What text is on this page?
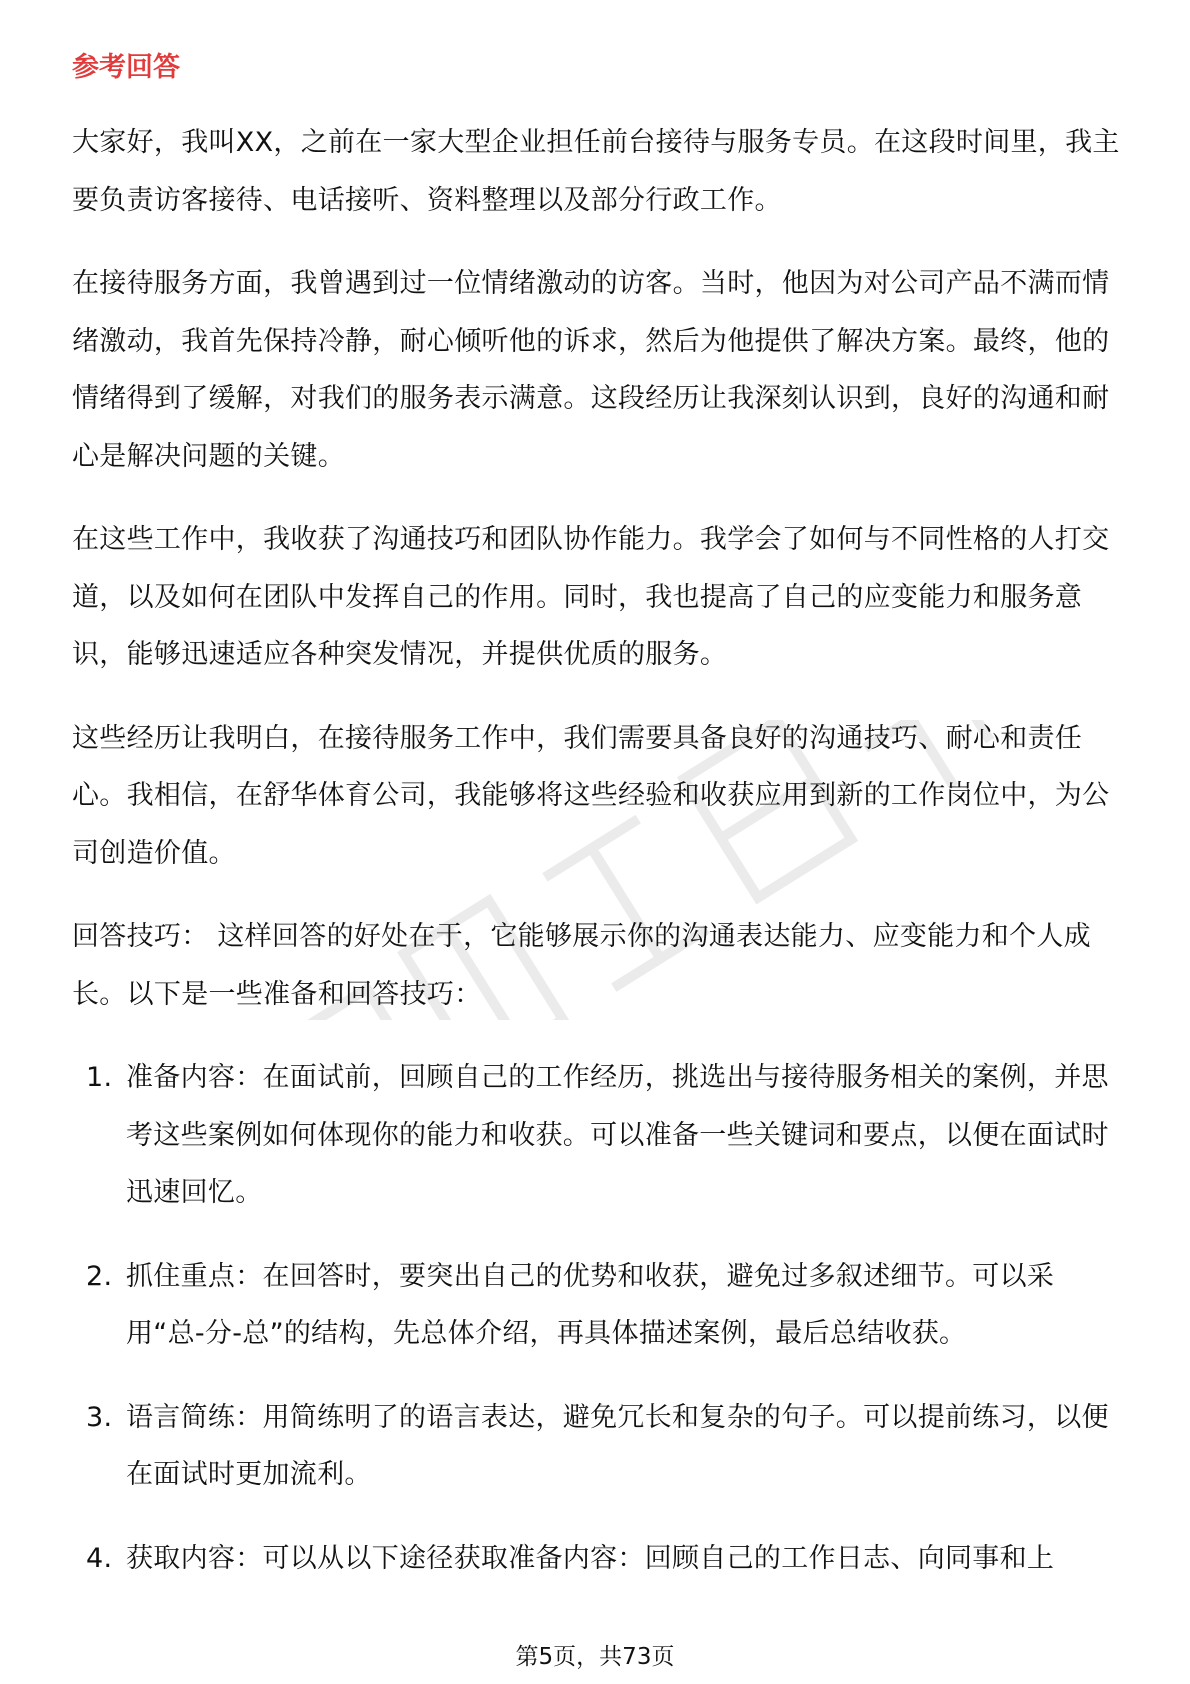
参考回答

大家好，我叫XX，之前在一家大型企业担任前台接待与服务专员。在这段时间里，我主要负责访客接待、电话接听、资料整理以及部分行政工作。

在接待服务方面，我曾遇到过一位情绪激动的访客。当时，他因为对公司产品不满而情绪激动，我首先保持冷静，耐心倾听他的诉求，然后为他提供了解决方案。最终，他的情绪得到了缓解，对我们的服务表示满意。这段经历让我深刻认识到，良好的沟通和耐心是解决问题的关键。

在这些工作中，我收获了沟通技巧和团队协作能力。我学会了如何与不同性格的人打交道，以及如何在团队中发挥自己的作用。同时，我也提高了自己的应变能力和服务意识，能够迅速适应各种突发情况，并提供优质的服务。

这些经历让我明白，在接待服务工作中，我们需要具备良好的沟通技巧、耐心和责任心。我相信，在舒华体育公司，我能够将这些经验和收获应用到新的工作岗位中，为公司创造价值。

回答技巧： 这样回答的好处在于，它能够展示你的沟通表达能力、应变能力和个人成长。以下是一些准备和回答技巧：

1. 准备内容：在面试前，回顾自己的工作经历，挑选出与接待服务相关的案例，并思考这些案例如何体现你的能力和收获。可以准备一些关键词和要点，以便在面试时迅速回忆。
2. 抓住重点：在回答时，要突出自己的优势和收获，避免过多叙述细节。可以采用“总-分-总”的结构，先总体介绍，再具体描述案例，最后总结收获。
3. 语言简练：用简练明了的语言表达，避免冗长和复杂的句子。可以提前练习，以便在面试时更加流利。
4. 获取内容：可以从以下途径获取准备内容：回顾自己的工作日志、向同事和上
第5页，共73页
